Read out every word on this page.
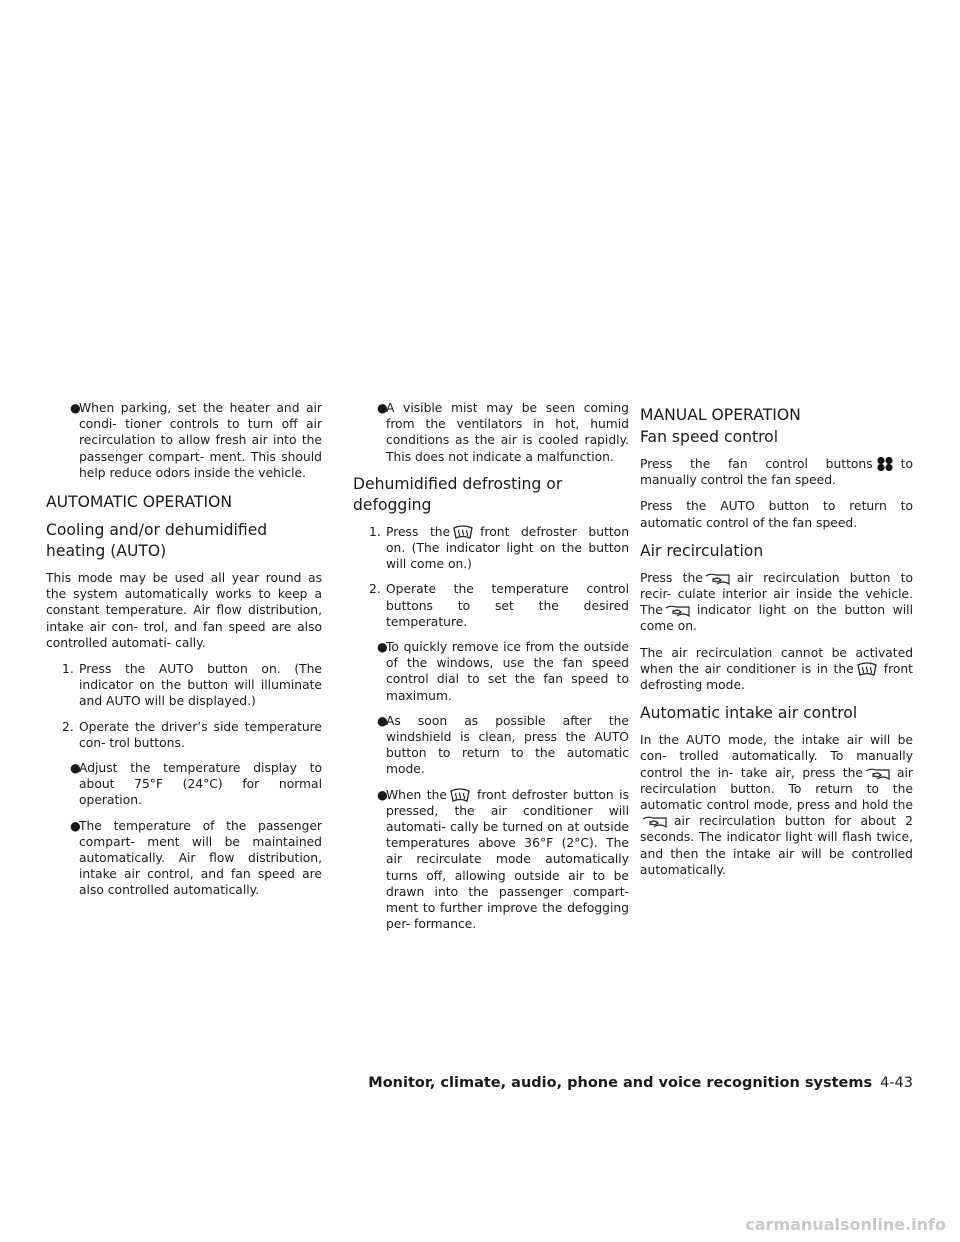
●
When parking, set the heater and air condi- tioner controls to turn off air recirculation to allow fresh air into the passenger compart- ment. This should help reduce odors inside the vehicle.
AUTOMATIC OPERATION
Cooling and/or dehumidified heating (AUTO)

This mode may be used all year round as the system automatically works to keep a constant temperature. Air flow distribution, intake air con- trol, and fan speed are also controlled automati- cally.

1. Press the AUTO button on. (The indicator on the button will illuminate and AUTO will be displayed.)
2. Operate the driver’s side temperature con- trol buttons.
●
Adjust the temperature display to about 75°F (24°C) for normal operation.
●
The temperature of the passenger compart- ment will be maintained automatically. Air flow distribution, intake air control, and fan speed are also controlled automatically.
●
A visible mist may be seen coming from the ventilators in hot, humid conditions as the air is cooled rapidly. This does not indicate a malfunction.
Dehumidified defrosting or defogging
1. Press the front defroster button on. (The indicator light on the button will come on.)
2. Operate the temperature control buttons to set the desired temperature.
●
To quickly remove ice from the outside of the windows, use the fan speed control dial to set the fan speed to maximum.
●
As soon as possible after the windshield is clean, press the AUTO button to return to the automatic mode.
●
When the front defroster button is pressed, the air conditioner will automati- cally be turned on at outside temperatures above 36°F (2°C). The air recirculate mode automatically turns off, allowing outside air to be drawn into the passenger compart- ment to further improve the defogging per- formance.
MANUAL OPERATION
Fan speed control

Press the fan control buttons to manually control the fan speed.

Press the AUTO button to return to automatic control of the fan speed.

Air recirculation

Press the	air recirculation button to recir- culate interior air inside the vehicle. The	indicator light on the button will come on.

The air recirculation cannot be activated when the air conditioner is in the front defrosting mode.

Automatic intake air control

In the AUTO mode, the intake air will be con- trolled automatically. To manually control the in- take air, press the	air recirculation button. To return to the automatic control mode, press and hold the
air recirculation button for about 2 seconds. The indicator light will flash twice, and then the intake air will be controlled automatically.

Monitor, climate, audio, phone and voice recognition systems 4-43
carmanualsonline.info
